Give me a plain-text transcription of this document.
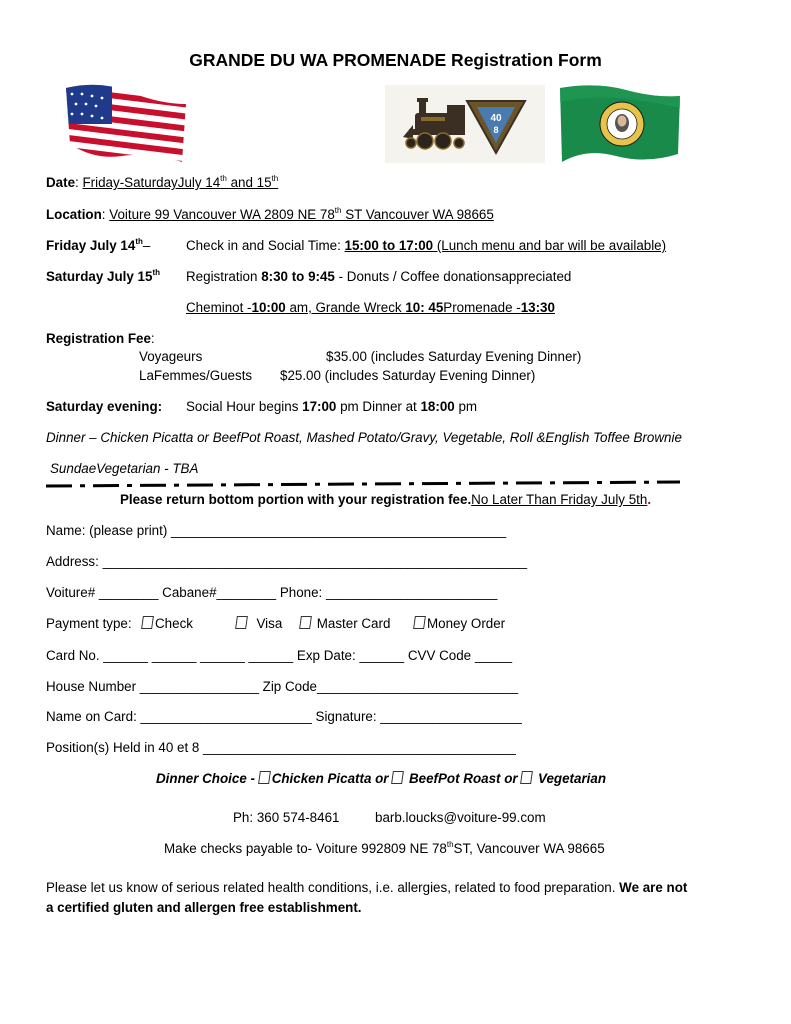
GRANDE DU WA PROMENADE Registration Form
40
8
Date: Friday-SaturdayJuly 14th and 15th
Location: Voiture 99 Vancouver WA 2809 NE 78th ST Vancouver WA 98665
Friday July 14th–	Check in and Social Time: 15:00 to 17:00 (Lunch menu and bar will be available)
Saturday July 15th Registration 8:30 to 9:45 - Donuts / Coffee donationsappreciated
Cheminot -10:00 am, Grande Wreck 10: 45Promenade -13:30
Registration Fee:
Voyageurs	$35.00 (includes Saturday Evening Dinner)
LaFemmes/Guests $25.00 (includes Saturday Evening Dinner)
Saturday evening: Social Hour begins 17:00 pm Dinner at 18:00 pm
Dinner – Chicken Picatta or BeefPot Roast, Mashed Potato/Gravy, Vegetable, Roll &English Toffee Brownie
SundaeVegetarian - TBA
Please return bottom portion with your registration fee.No Later Than Friday July 5th.
Name: (please print) _____________________________________________
Address: _________________________________________________________
Voiture# ________ Cabane#________ Phone: _______________________
Payment type:	Check	Visa	Master Card	Money Order
Card No. ______ ______ ______ ______ Exp Date: ______ CVV Code _____
House Number ________________ Zip Code___________________________
Name on Card: _______________________ Signature: ___________________
Position(s) Held in 40 et 8 __________________________________________
Dinner Choice - Chicken Picatta or  BeefPot Roast or  Vegetarian
Ph: 360 574-8461	barb.loucks@voiture-99.com
Make checks payable to- Voiture 992809 NE 78thST, Vancouver WA 98665
Please let us know of serious related health conditions, i.e. allergies, related to food preparation. We are not
a certified gluten and allergen free establishment.
